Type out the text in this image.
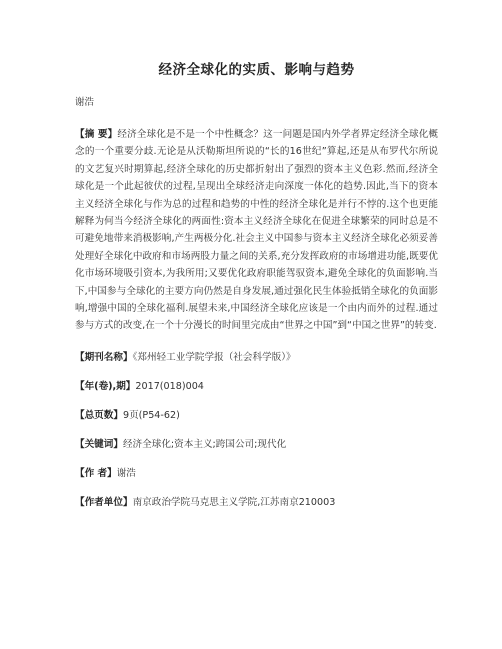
经济全球化的实质、影响与趋势
谢浩
【摘 要】经济全球化是不是一个中性概念？这一问题是国内外学者界定经济全球化概念的一个重要分歧.无论是从沃勒斯坦所说的“长的16世纪”算起,还是从布罗代尔所说的文艺复兴时期算起,经济全球化的历史都折射出了强烈的资本主义色彩.然而,经济全球化是一个此起彼伏的过程,呈现出全球经济走向深度一体化的趋势.因此,当下的资本主义经济全球化与作为总的过程和趋势的中性的经济全球化是并行不悖的.这个也更能解释为何当今经济全球化的两面性:资本主义经济全球化在促进全球繁荣的同时总是不可避免地带来消极影响,产生两极分化.社会主义中国参与资本主义经济全球化必须妥善处理好全球化中政府和市场两股力量之间的关系,充分发挥政府的市场增进功能,既要优化市场环境吸引资本,为我所用;又要优化政府职能驾驭资本,避免全球化的负面影响.当下,中国参与全球化的主要方向仍然是自身发展,通过强化民生体验抵销全球化的负面影响,增强中国的全球化福利.展望未来,中国经济全球化应该是一个由内而外的过程.通过参与方式的改变,在一个十分漫长的时间里完成由“世界之中国”到“中国之世界”的转变.
【期刊名称】《郑州轻工业学院学报（社会科学版）》
【年(卷),期】2017(018)004
【总页数】9页(P54-62)
【关键词】经济全球化;资本主义;跨国公司;现代化
【作 者】谢浩
【作者单位】南京政治学院马克思主义学院,江苏南京210003
